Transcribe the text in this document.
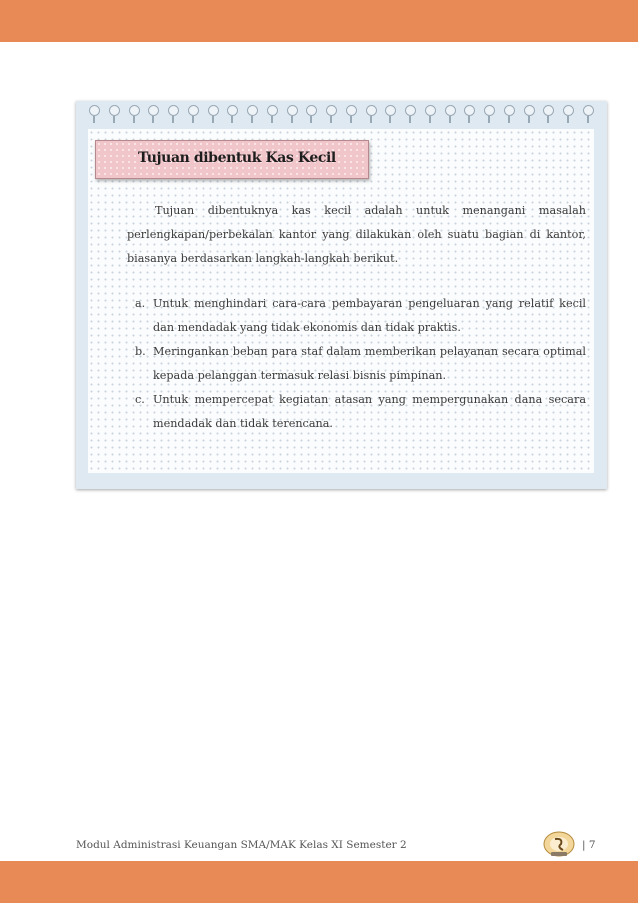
Tujuan dibentuk Kas Kecil

Tujuan dibentuknya kas kecil adalah untuk menangani masalah
perlengkapan/perbekalan kantor yang dilakukan oleh suatu bagian di kantor, biasanya berdasarkan langkah-langkah berikut.

a. Untuk menghindari cara-cara pembayaran pengeluaran yang relatif kecil dan mendadak yang tidak ekonomis dan tidak praktis.
b. Meringankan beban para staf dalam memberikan pelayanan secara optimal kepada pelanggan termasuk relasi bisnis pimpinan.
c. Untuk mempercepat kegiatan atasan yang mempergunakan dana secara mendadak dan tidak terencana.
Modul Administrasi Keuangan SMA/MAK Kelas XI Semester 2	| 7
